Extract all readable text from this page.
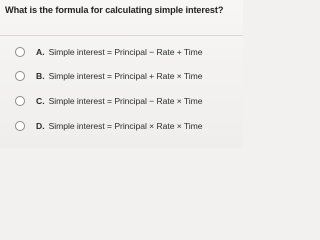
What is the formula for calculating simple interest?
A. Simple interest = Principal − Rate + Time
B. Simple interest = Principal + Rate × Time
C. Simple interest = Principal − Rate × Time
D. Simple interest = Principal × Rate × Time
